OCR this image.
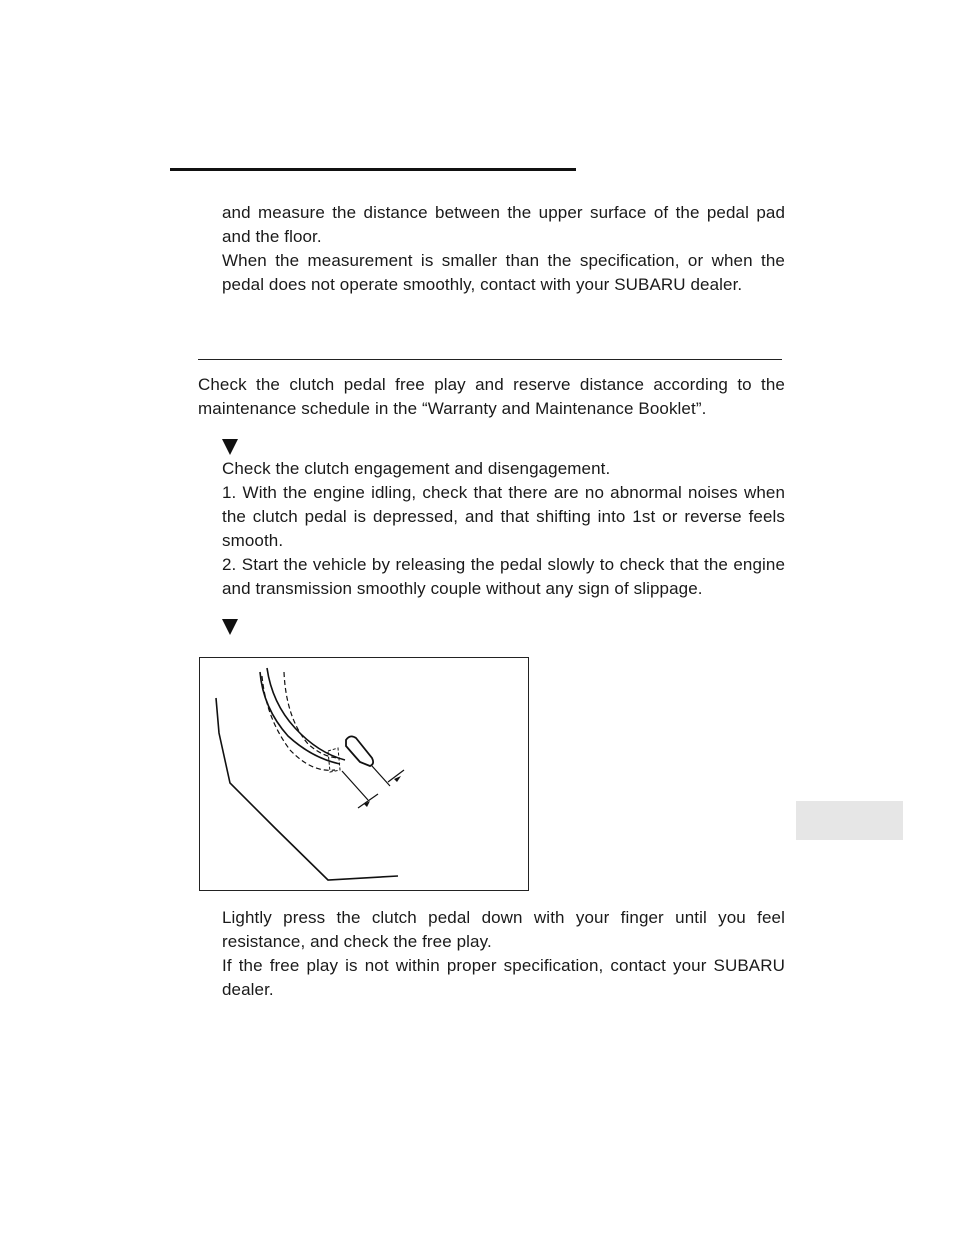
and measure the distance between the upper surface of the pedal pad and the floor.

When the measurement is smaller than the specification, or when the pedal does not operate smoothly, contact with your SUBARU dealer.

Check the clutch pedal free play and reserve distance according to the maintenance schedule in the “Warranty and Maintenance Booklet”.

Check the clutch engagement and disengagement.

1. With the engine idling, check that there are no abnormal noises when the clutch pedal is depressed, and that shifting into 1st or reverse feels smooth.

2. Start the vehicle by releasing the pedal slowly to check that the engine and transmission smoothly couple without any sign of slippage.

Lightly press the clutch pedal down with your finger until you feel resistance, and check the free play.

If the free play is not within proper specification, contact your SUBARU dealer.
